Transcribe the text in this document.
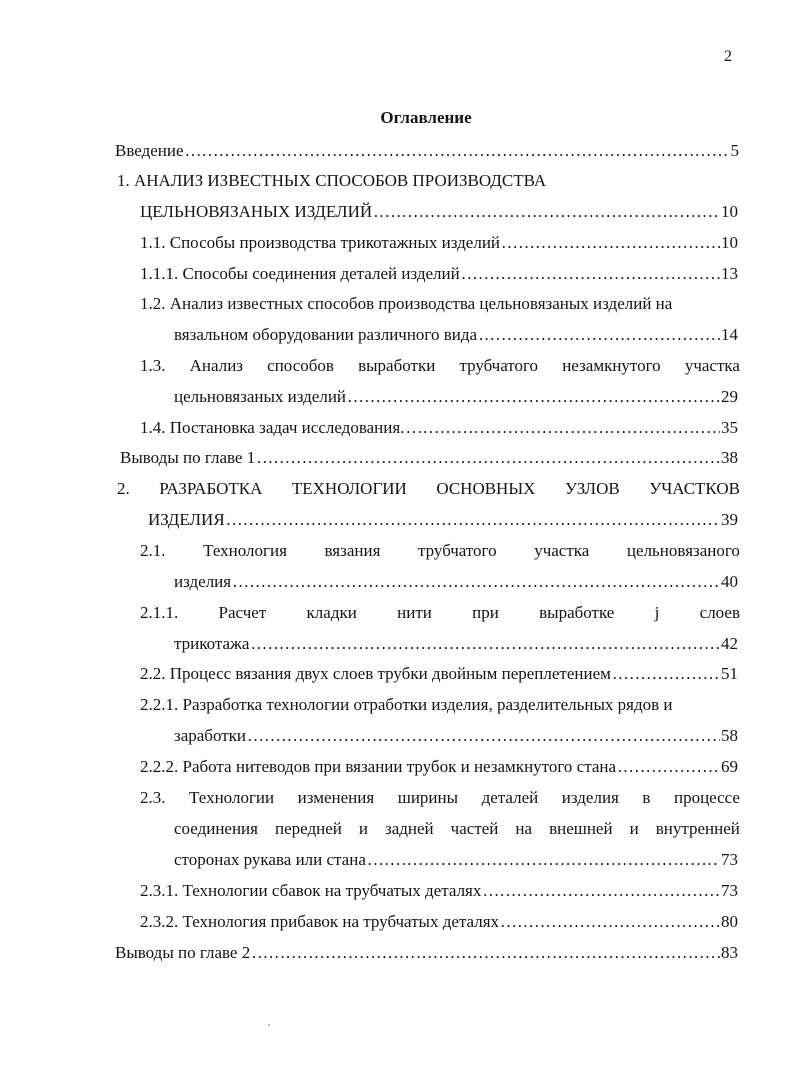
2
Оглавление
Введение …………………………………………………………………………………………………………………………………………………………………	5
1. АНАЛИЗ ИЗВЕСТНЫХ СПОСОБОВ ПРОИЗВОДСТВА
ЦЕЛЬНОВЯЗАНЫХ ИЗДЕЛИЙ …………………………………………………………………………………………………………………………………………………………………	10
1.1. Способы производства трикотажных изделий …………………………………………………………………………………………………………………………………………………………………	10
1.1.1. Способы соединения деталей изделий …………………………………………………………………………………………………………………………………………………………………	13
1.2. Анализ известных способов производства цельновязаных изделий на
вязальном оборудовании различного вида …………………………………………………………………………………………………………………………………………………………………	14
1.3. Анализ способов выработки трубчатого незамкнутого участка
цельновязаных изделий …………………………………………………………………………………………………………………………………………………………………	29
1.4. Постановка задач исследования. …………………………………………………………………………………………………………………………………………………………………	35
Выводы по главе 1 …………………………………………………………………………………………………………………………………………………………………	38
2. РАЗРАБОТКА ТЕХНОЛОГИИ ОСНОВНЫХ УЗЛОВ УЧАСТКОВ
ИЗДЕЛИЯ …………………………………………………………………………………………………………………………………………………………………	39
2.1. Технология вязания трубчатого участка цельновязаного
изделия …………………………………………………………………………………………………………………………………………………………………	40
2.1.1. Расчет кладки нити при выработке j слоев
трикотажа …………………………………………………………………………………………………………………………………………………………………	42
2.2. Процесс вязания двух слоев трубки двойным переплетением …………………………………………………………………………………………………………………………………………………………………	51
2.2.1. Разработка технологии отработки изделия, разделительных рядов и
заработки …………………………………………………………………………………………………………………………………………………………………	58
2.2.2. Работа нитеводов при вязании трубок и незамкнутого стана …………………………………………………………………………………………………………………………………………………………………	69
2.3. Технологии изменения ширины деталей изделия в процессе
соединения передней и задней частей на внешней и внутренней
сторонах рукава или стана …………………………………………………………………………………………………………………………………………………………………	73
2.3.1. Технологии сбавок на трубчатых деталях …………………………………………………………………………………………………………………………………………………………………	73
2.3.2. Технология прибавок на трубчатых деталях …………………………………………………………………………………………………………………………………………………………………	80
Выводы по главе 2 …………………………………………………………………………………………………………………………………………………………………	83
